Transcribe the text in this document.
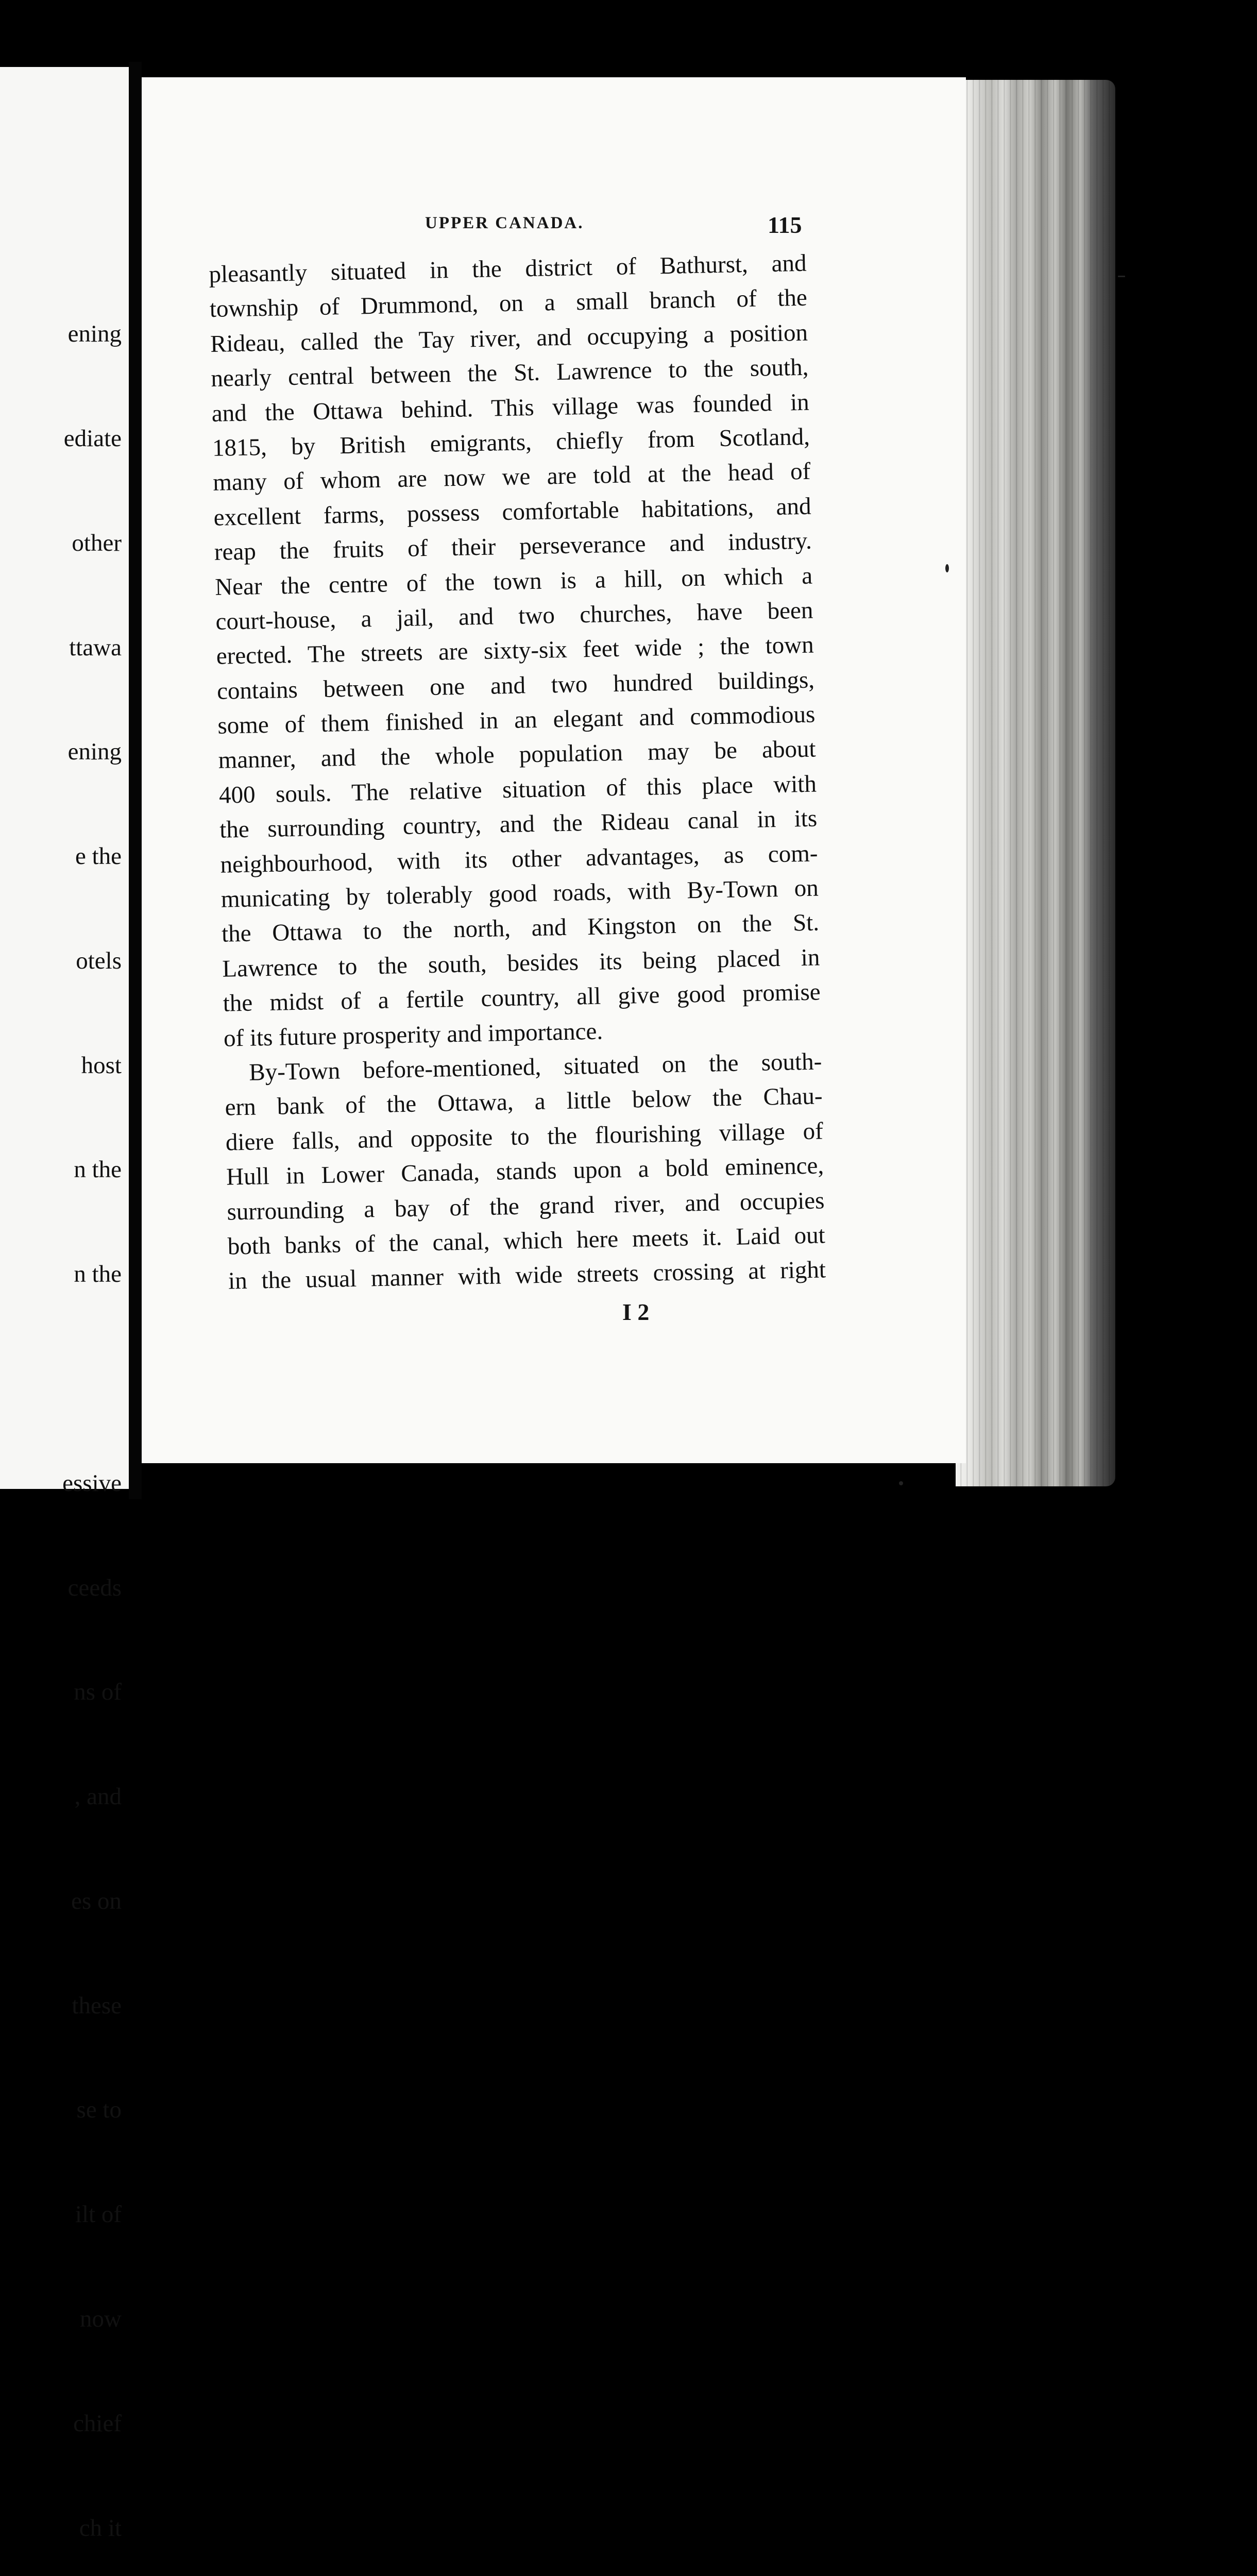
ening

ediate

other

ttawa

ening

e the

otels

host

n the

n the

essive

ceeds

ns of

, and

es on

these

se to

ilt of

now

chief

ch it

UPPER CANADA.	115
pleasantly situated in the district of Bathurst, and
township of Drummond, on a small branch of the
Rideau, called the Tay river, and occupying a position
nearly central between the St. Lawrence to the south,
and the Ottawa behind. This village was founded in
1815, by British emigrants, chiefly from Scotland,
many of whom are now we are told at the head of
excellent farms, possess comfortable habitations, and
reap the fruits of their perseverance and industry.
Near the centre of the town is a hill, on which a
court-house, a jail, and two churches, have been
erected. The streets are sixty-six feet wide ; the town
contains between one and two hundred buildings,
some of them finished in an elegant and commodious
manner, and the whole population may be about
400 souls. The relative situation of this place with
the surrounding country, and the Rideau canal in its
neighbourhood, with its other advantages, as com-
municating by tolerably good roads, with By-Town on
the Ottawa to the north, and Kingston on the St.
Lawrence to the south, besides its being placed in
the midst of a fertile country, all give good promise
of its future prosperity and importance.
By-Town before-mentioned, situated on the south-
ern bank of the Ottawa, a little below the Chau-
diere falls, and opposite to the flourishing village of
Hull in Lower Canada, stands upon a bold eminence,
surrounding a bay of the grand river, and occupies
both banks of the canal, which here meets it. Laid out
in the usual manner with wide streets crossing at right
I 2
